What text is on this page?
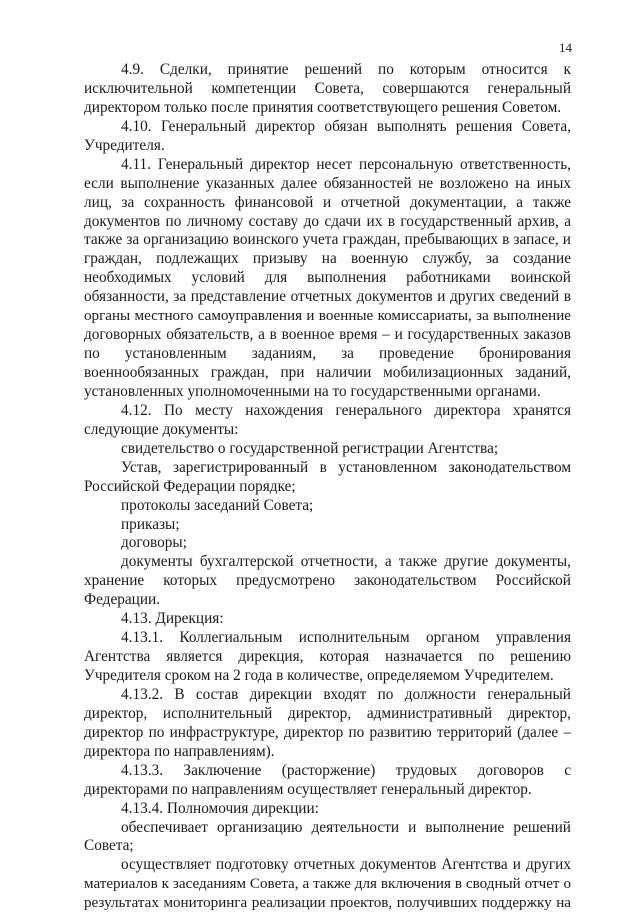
14
4.9. Сделки, принятие решений по которым относится к
исключительной компетенции Совета, совершаются генеральный
директором только после принятия соответствующего решения Советом.
4.10. Генеральный директор обязан выполнять решения Совета,
Учредителя.
4.11. Генеральный директор несет персональную ответственность,
если выполнение указанных далее обязанностей не возложено на иных
лиц, за сохранность финансовой и отчетной документации, а также
документов по личному составу до сдачи их в государственный архив, а
также за организацию воинского учета граждан, пребывающих в запасе, и
граждан, подлежащих призыву на военную службу, за создание
необходимых условий для выполнения работниками воинской
обязанности, за представление отчетных документов и других сведений в
органы местного самоуправления и военные комиссариаты, за выполнение
договорных обязательств, а в военное время – и государственных заказов
по установленным заданиям, за проведение бронирования
военнообязанных граждан, при наличии мобилизационных заданий,
установленных уполномоченными на то государственными органами.
4.12. По месту нахождения генерального директора хранятся
следующие документы:
свидетельство о государственной регистрации Агентства;
Устав, зарегистрированный в установленном законодательством
Российской Федерации порядке;
протоколы заседаний Совета;
приказы;
договоры;
документы бухгалтерской отчетности, а также другие документы,
хранение которых предусмотрено законодательством Российской
Федерации.
4.13. Дирекция:
4.13.1. Коллегиальным исполнительным органом управления
Агентства является дирекция, которая назначается по решению
Учредителя сроком на 2 года в количестве, определяемом Учредителем.
4.13.2. В состав дирекции входят по должности генеральный
директор, исполнительный директор, административный директор,
директор по инфраструктуре, директор по развитию территорий (далее –
директора по направлениям).
4.13.3. Заключение (расторжение) трудовых договоров с
директорами по направлениям осуществляет генеральный директор.
4.13.4. Полномочия дирекции:
обеспечивает организацию деятельности и выполнение решений
Совета;
осуществляет подготовку отчетных документов Агентства и других
материалов к заседаниям Совета, а также для включения в сводный отчет о
результатах мониторинга реализации проектов, получивших поддержку на
